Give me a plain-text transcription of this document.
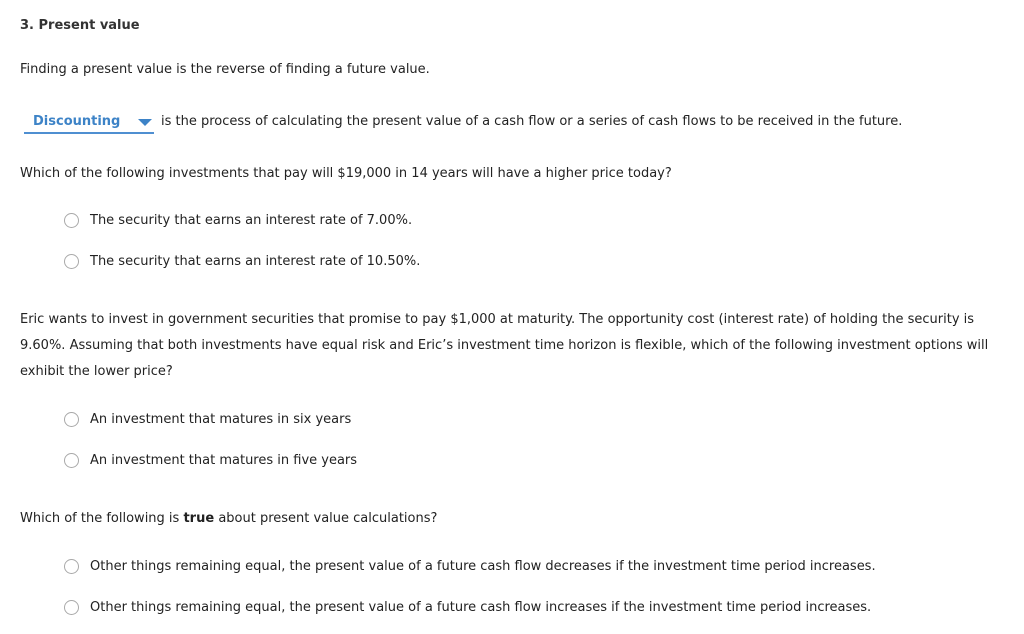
3. Present value
Finding a present value is the reverse of finding a future value.
Discounting	is the process of calculating the present value of a cash flow or a series of cash flows to be received in the future.
Which of the following investments that pay will $19,000 in 14 years will have a higher price today?
The security that earns an interest rate of 7.00%.
The security that earns an interest rate of 10.50%.
Eric wants to invest in government securities that promise to pay $1,000 at maturity. The opportunity cost (interest rate) of holding the security is 9.60%. Assuming that both investments have equal risk and Eric’s investment time horizon is flexible, which of the following investment options will exhibit the lower price?
An investment that matures in six years
An investment that matures in five years
Which of the following is true about present value calculations?
Other things remaining equal, the present value of a future cash flow decreases if the investment time period increases.
Other things remaining equal, the present value of a future cash flow increases if the investment time period increases.
